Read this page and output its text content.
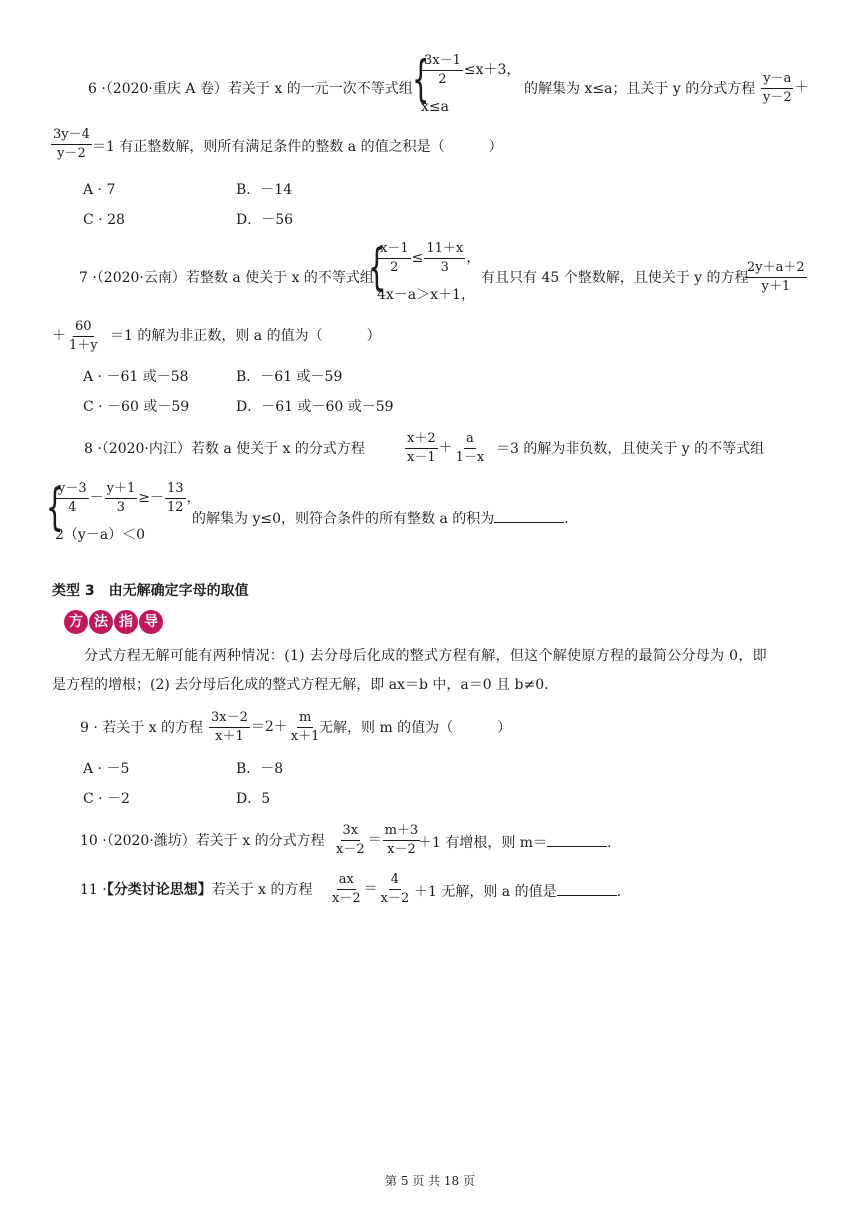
6 ·（2020·重庆 A 卷）若关于 x 的一元一次不等式组 {
$\frac{3x-1}{2} \le x+3$，
x≤a
的解集为 x≤a；且关于 y 的分式方程 $\frac{y-a}{y-2}$ ＋
$\frac{3y-4}{y-2} =1$ 有正整数解，则所有满足条件的整数 a 的值之积是（	）
A · 7	B．－14
C · 28	D．－56
7 ·（2020·云南）若整数 a 使关于 x 的不等式组
{
$\frac{x-1}{2} \le \frac{11+x}{3}$ ，
4x－a＞x＋1，
有且只有 45 个整数解，且使关于 y 的方程
$\frac{2y+a+2}{y+1}$
＋ $\frac{60}{1+y} =1$ 的解为非正数，则 a 的值为（	）
A · －61 或－58	B．－61 或－59
C · －60 或－59	D．－61 或－60 或－59
8 ·（2020·内江）若数 a 使关于 x 的分式方程	$\frac{x+2}{x-1} + \frac{a}{1-x} =3$ 的解为非负数，且使关于 y 的不等式组
{
$\frac{y-3}{4} - \frac{y+1}{3} \ge- \frac{13}{12}$ ，
2（y－a）＜0
的解集为 y≤0，则符合条件的所有整数 a 的积为	.
类型 3　由无解确定字母的取值
方 法 指 导
分式方程无解可能有两种情况：(1) 去分母后化成的整式方程有解，但这个解使原方程的最简公分母为 0，即
是方程的增根；(2) 去分母后化成的整式方程无解，即 ax＝b 中，a＝0 且 b≠0.
9 · 若关于 x 的方程 $\frac{3x-2}{x+1} =2+ \frac{m}{x+1}$
无解，则 m 的值为（	）
A · －5	B．－8
C · －2	D．5
10 ·（2020·潍坊）若关于 x 的分式方程 $\frac{3x}{x-2} = \frac{m+3}{x-2}$
＋1 有增根，则 m＝	.
11 ·【分类讨论思想】若关于 x 的方程 $\frac{ax}{x-2} = \frac{4}{x-2} +1$ 无解，则 a 的值是	.
第 5 页 共 18 页
